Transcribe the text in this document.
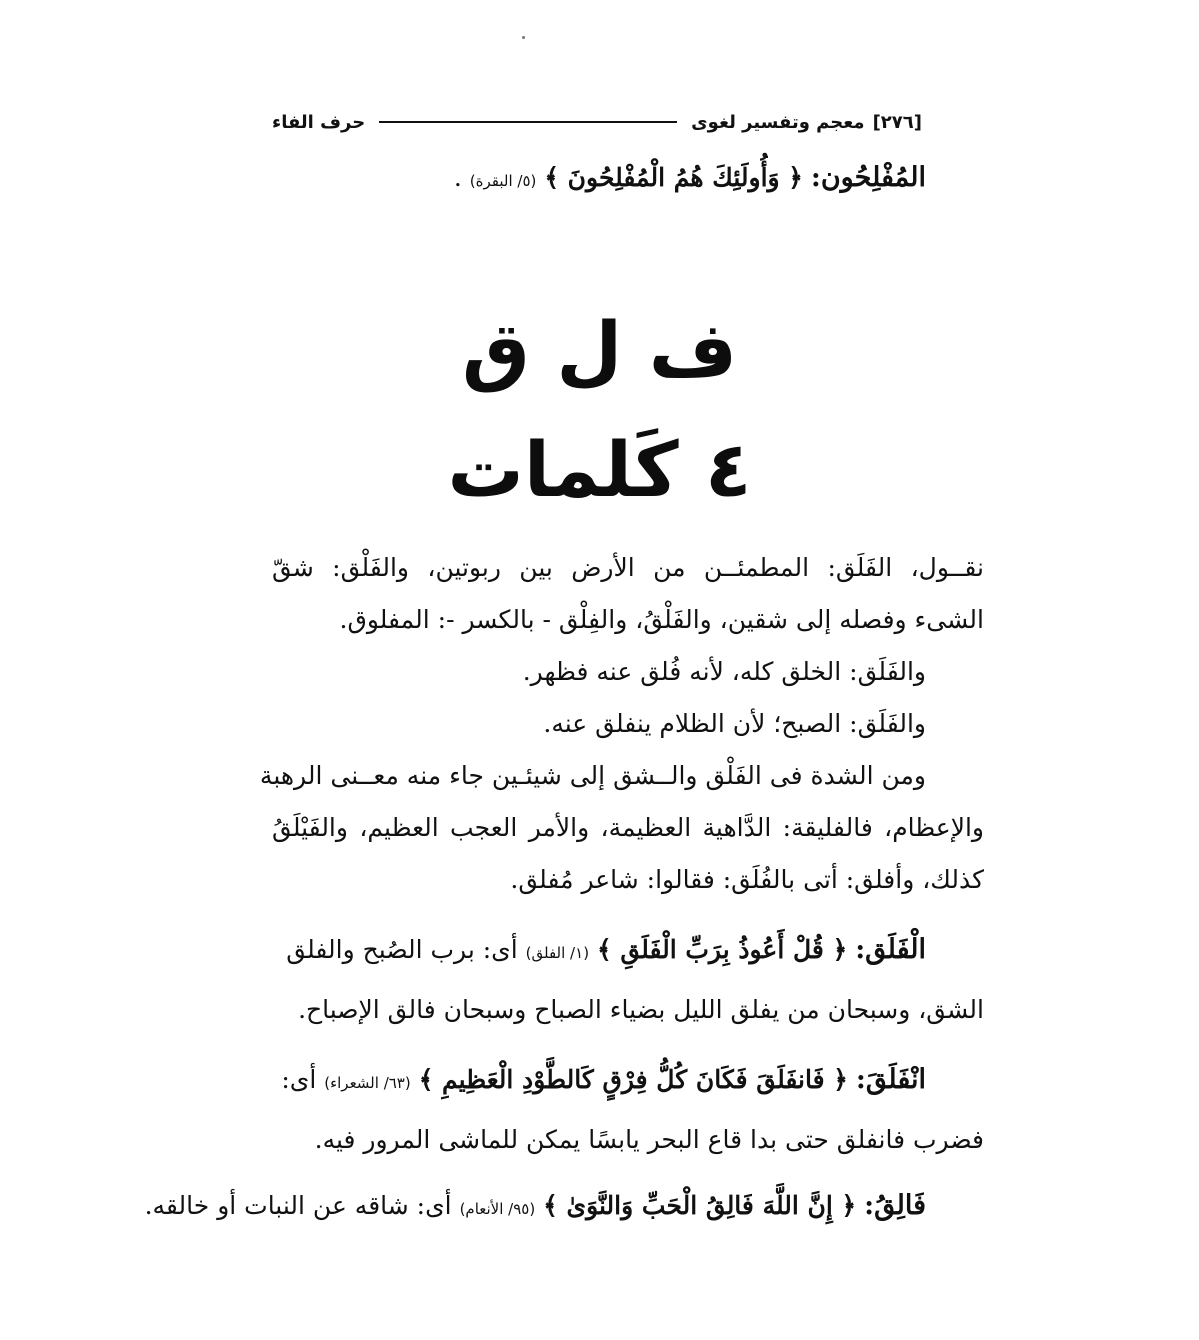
[٢٧٦]
معجم وتفسير لغوى
حرف الفاء
المُفْلِحُون: ﴿ وَأُولَئِكَ هُمُ الْمُفْلِحُونَ ﴾ (٥/ البقرة) .
ف ل ق
٤ كَلمات
نقــول، الفَلَق: المطمئــن من الأرض بين ربوتين، والفَلْق: شقّ
الشىء وفصله إلى شقين، والفَلْقُ، والفِلْق - بالكسر -: المفلوق.
والفَلَق: الخلق كله، لأنه فُلق عنه فظهر.
والفَلَق: الصبح؛ لأن الظلام ينفلق عنه.
ومن الشدة فى الفَلْق والــشق إلى شيئـين جاء منه معــنى الرهبة
والإعظام، فالفليقة: الدَّاهية العظيمة، والأمر العجب العظيم، والفَيْلَقُ
كذلك، وأفلق: أتى بالفُلَق: فقالوا: شاعر مُفلق.
الْفَلَق: ﴿ قُلْ أَعُوذُ بِرَبِّ الْفَلَقِ ﴾ (١/ الفلق) أى: برب الصُبح والفلق
الشق، وسبحان من يفلق الليل بضياء الصباح وسبحان فالق الإصباح.
انْفَلَقَ: ﴿ فَانفَلَقَ فَكَانَ كُلُّ فِرْقٍ كَالطَّوْدِ الْعَظِيمِ ﴾ (٦٣/ الشعراء) أى:
فضرب فانفلق حتى بدا قاع البحر يابسًا يمكن للماشى المرور فيه.
فَالِقُ: ﴿ إِنَّ اللَّهَ فَالِقُ الْحَبِّ وَالنَّوَىٰ ﴾ (٩٥/ الأنعام) أى: شاقه عن النبات أو خالقه.
